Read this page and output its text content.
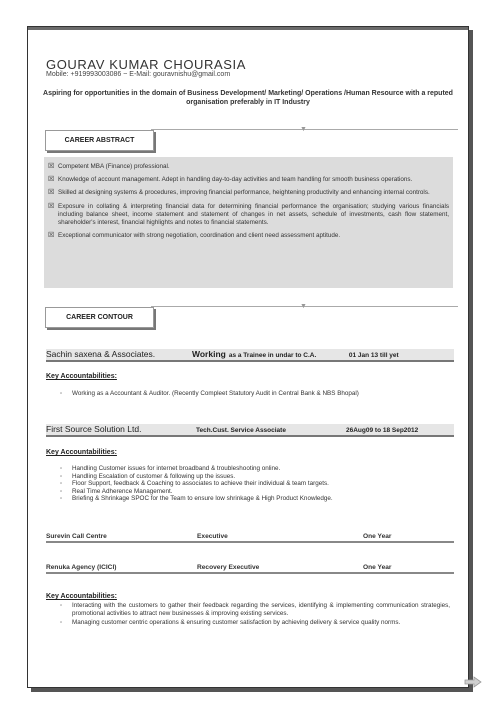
GOURAV KUMAR CHOURASIA
Mobile: +919993003086 ~ E-Mail: gouravnishu@gmail.com
Aspiring for opportunities in the domain of Business Development/ Marketing/ Operations /Human Resource with a reputed organisation preferably in IT Industry
CAREER ABSTRACT
▼
☒ Competent MBA (Finance) professional.
☒ Knowledge of account management. Adept in handling day-to-day activities and team handling for smooth business operations.
☒ Skilled at designing systems & procedures, improving financial performance, heightening productivity and enhancing internal controls.
☒ Exposure in collating & interpreting financial data for determining financial performance the organisation; studying various financials including balance sheet, income statement and statement of changes in net assets, schedule of investments, cash flow statement, shareholder's interest, financial highlights and notes to financial statements.
☒ Exceptional communicator with strong negotiation, coordination and client need assessment aptitude.
CAREER CONTOUR
▼
Sachin saxena & Associates.	Working as a Trainee in undar to C.A.	01 Jan 13 till yet
Key Accountabilities:
◦	Working as a Accountant & Auditor. (Recently Compleet Statutory Audit in Central Bank & NBS Bhopal)
First Source Solution Ltd.	Tech.Cust. Service Associate	26Aug09 to 18 Sep2012
Key Accountabilities:
◦	Handling Customer issues for internet broadband & troubleshooting online.
◦	Handling Escalation of customer & following up the issues.
◦	Floor Support, feedback & Coaching to associates to achieve their individual & team targets.
◦	Real Time Adherence Management.
◦	Briefing & Shrinkage SPOC for the Team to ensure low shrinkage & High Product Knowledge.
Surevin Call Centre	Executive	One Year
Renuka Agency (ICICI)	Recovery Executive	One Year
Key Accountabilities:
◦	Interacting with the customers to gather their feedback regarding the services, identifying & implementing communication strategies, promotional activities to attract new businesses & improving existing services.
◦	Managing customer centric operations & ensuring customer satisfaction by achieving delivery & service quality norms.
